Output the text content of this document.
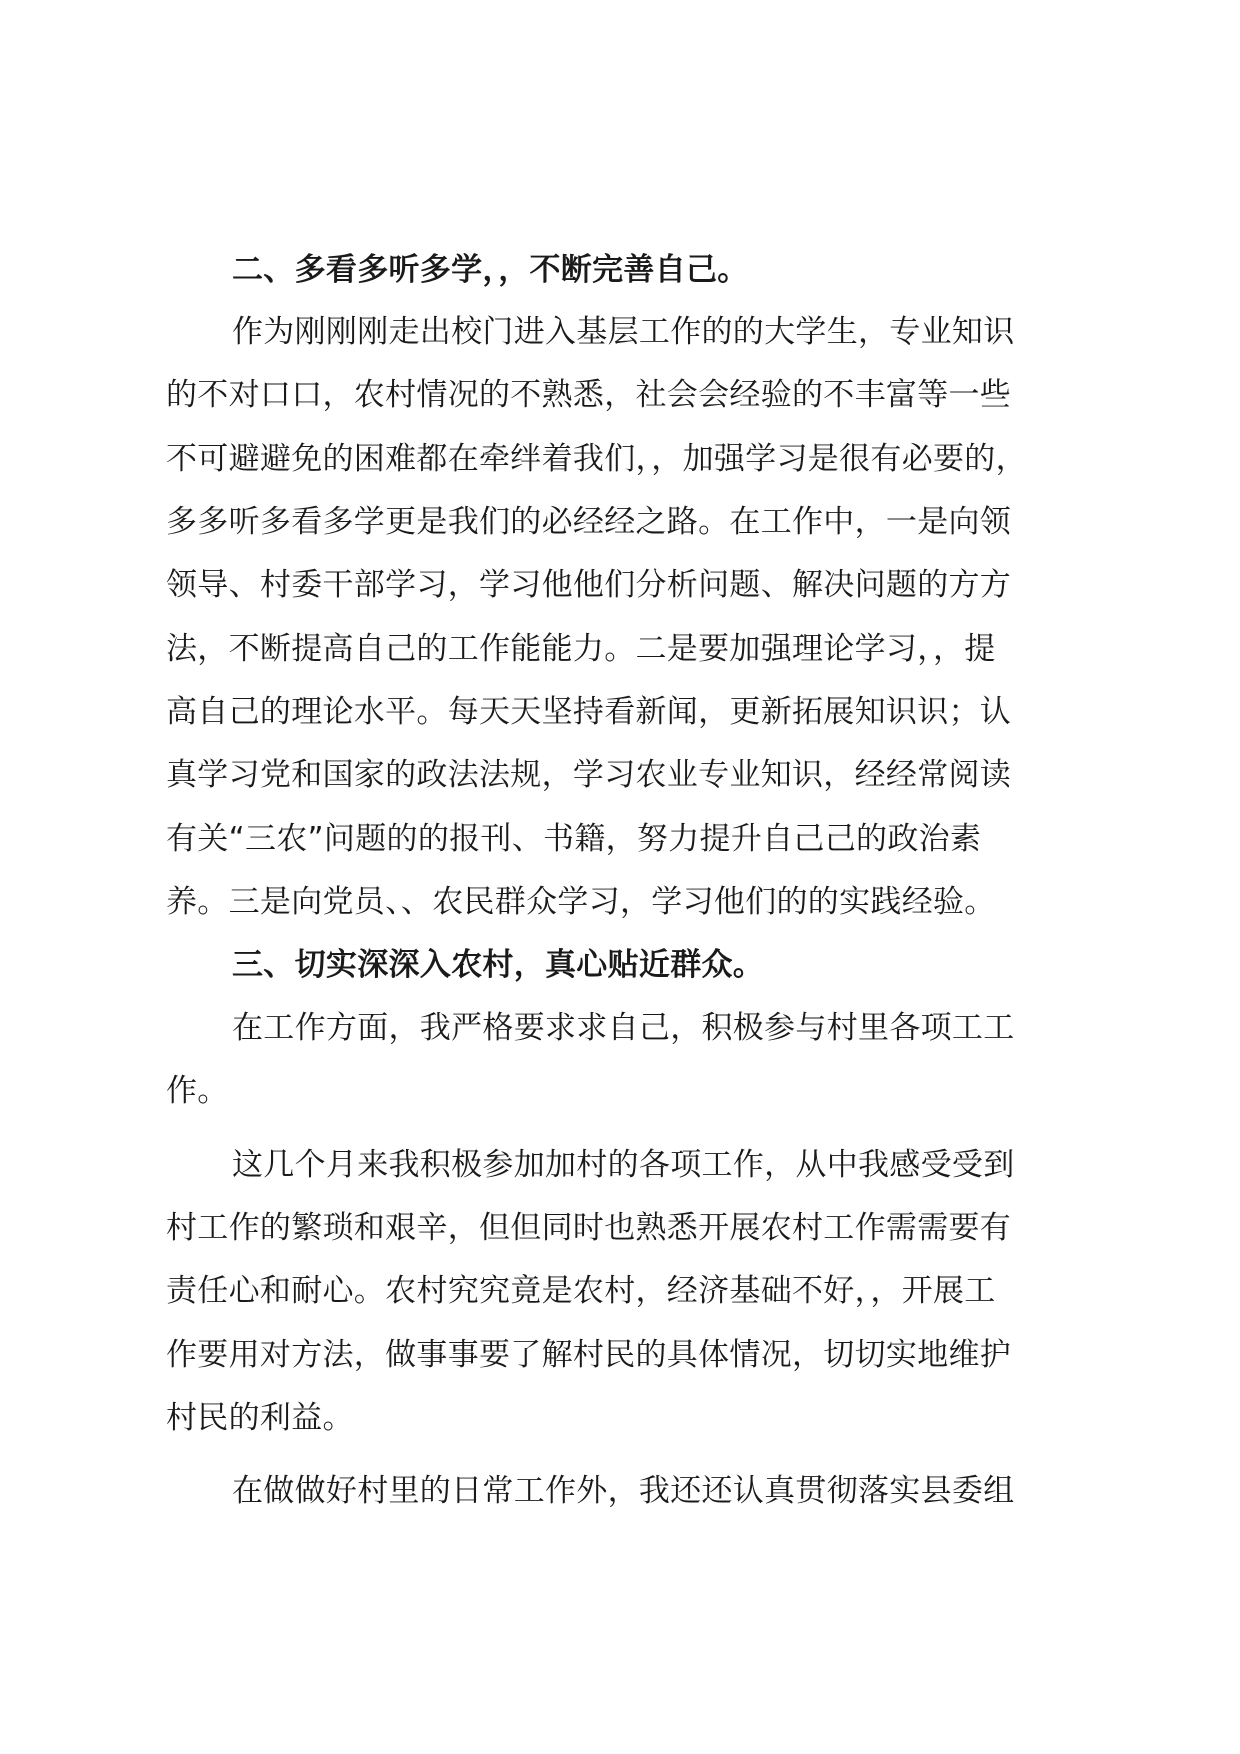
二、多看多听多学，，不断完善自己。
作为刚刚刚走出校门进入基层工作的的大学生，专业知识
的不对口口，农村情况的不熟悉，社会会经验的不丰富等一些
不可避避免的困难都在牵绊着我们，，加强学习是很有必要的，
多多听多看多学更是我们的必经经之路。在工作中，一是向领
领导、村委干部学习，学习他他们分析问题、解决问题的方方
法，不断提高自己的工作能能力。二是要加强理论学习，，提
高自己的理论水平。每天天坚持看新闻，更新拓展知识识；认
真学习党和国家的政法法规，学习农业专业知识，经经常阅读
有关“三农”问题的的报刊、书籍，努力提升自己己的政治素
养。三是向党员、、农民群众学习，学习他们的的实践经验。
三、切实深深入农村，真心贴近群众。
在工作方面，我严格要求求自己，积极参与村里各项工工
作。
这几个月来我积极参加加村的各项工作，从中我感受受到
村工作的繁琐和艰辛，但但同时也熟悉开展农村工作需需要有
责任心和耐心。农村究究竟是农村，经济基础不好，，开展工
作要用对方法，做事事要了解村民的具体情况，切切实地维护
村民的利益。
在做做好村里的日常工作外，我还还认真贯彻落实县委组
